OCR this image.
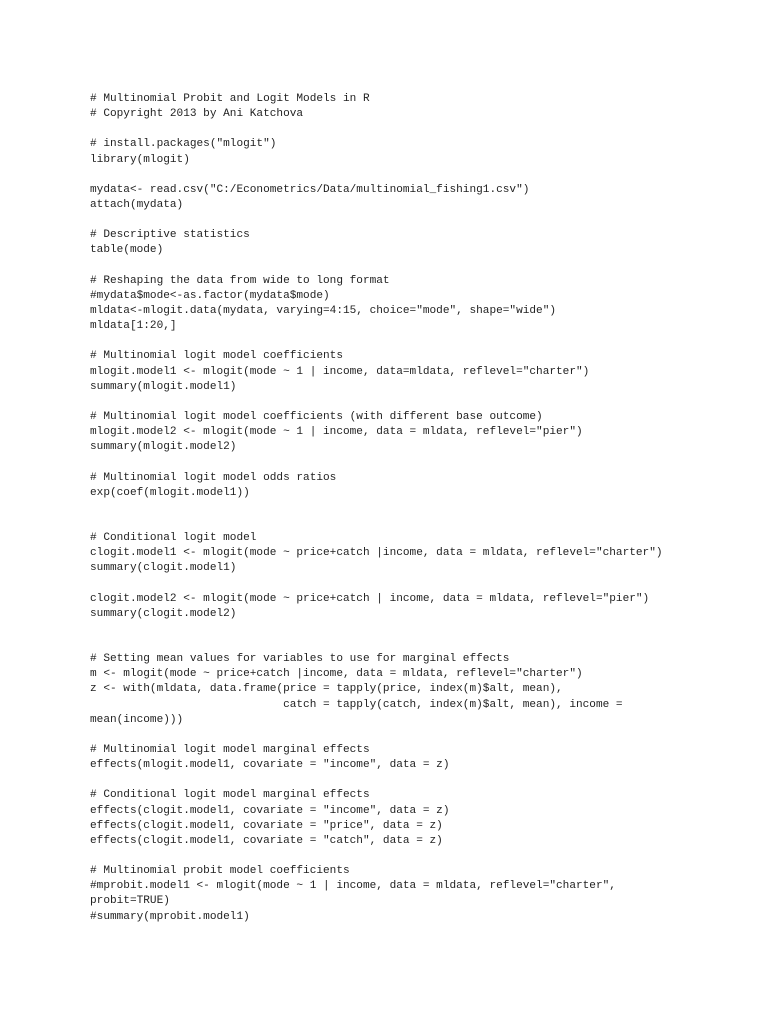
# Multinomial Probit and Logit Models in R
# Copyright 2013 by Ani Katchova
# install.packages("mlogit")
library(mlogit)
mydata<- read.csv("C:/Econometrics/Data/multinomial_fishing1.csv")
attach(mydata)
# Descriptive statistics
table(mode)
# Reshaping the data from wide to long format
#mydata$mode<-as.factor(mydata$mode)
mldata<-mlogit.data(mydata, varying=4:15, choice="mode", shape="wide")
mldata[1:20,]
# Multinomial logit model coefficients
mlogit.model1 <- mlogit(mode ~ 1 | income, data=mldata, reflevel="charter")
summary(mlogit.model1)
# Multinomial logit model coefficients (with different base outcome)
mlogit.model2 <- mlogit(mode ~ 1 | income, data = mldata, reflevel="pier")
summary(mlogit.model2)
# Multinomial logit model odds ratios
exp(coef(mlogit.model1))
# Conditional logit model
clogit.model1 <- mlogit(mode ~ price+catch |income, data = mldata, reflevel="charter")
summary(clogit.model1)
clogit.model2 <- mlogit(mode ~ price+catch | income, data = mldata, reflevel="pier")
summary(clogit.model2)
# Setting mean values for variables to use for marginal effects
m <- mlogit(mode ~ price+catch |income, data = mldata, reflevel="charter")
z <- with(mldata, data.frame(price = tapply(price, index(m)$alt, mean),
catch = tapply(catch, index(m)$alt, mean), income =
mean(income)))
# Multinomial logit model marginal effects
effects(mlogit.model1, covariate = "income", data = z)
# Conditional logit model marginal effects
effects(clogit.model1, covariate = "income", data = z)
effects(clogit.model1, covariate = "price", data = z)
effects(clogit.model1, covariate = "catch", data = z)
# Multinomial probit model coefficients
#mprobit.model1 <- mlogit(mode ~ 1 | income, data = mldata, reflevel="charter",
probit=TRUE)
#summary(mprobit.model1)
